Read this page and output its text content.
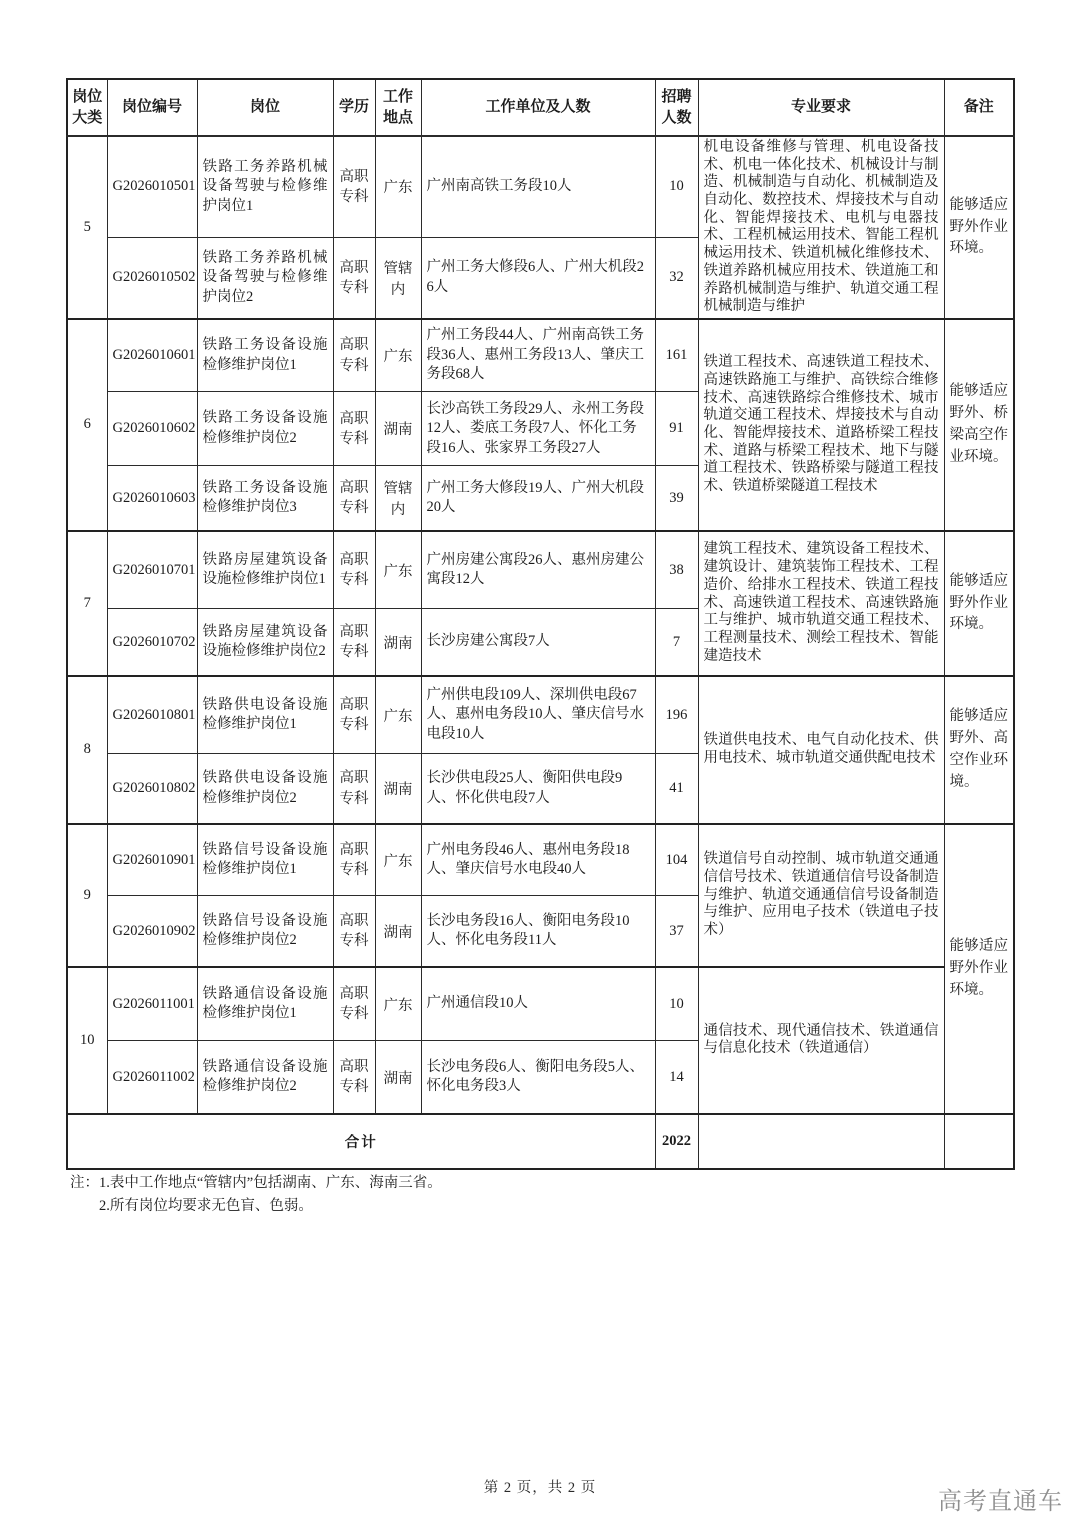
岗位大类	岗位编号	岗位	学历	工作地点	工作单位及人数	招聘人数	专业要求	备注
5	G2026010501	铁路工务养路机械设备驾驶与检修维护岗位1	高职专科	广东	广州南高铁工务段10人	10	机电设备维修与管理、机电设备技术、机电一体化技术、机械设计与制造、机械制造与自动化、机械制造及自动化、数控技术、焊接技术与自动化、智能焊接技术、电机与电器技术、工程机械运用技术、智能工程机械运用技术、铁道机械化维修技术、铁道养路机械应用技术、铁道施工和养路机械制造与维护、轨道交通工程机械制造与维护	能够适应野外作业环境。
	G2026010502	铁路工务养路机械设备驾驶与检修维护岗位2	高职专科	管辖内	广州工务大修段6人、广州大机段26人	32		
6	G2026010601	铁路工务设备设施检修维护岗位1	高职专科	广东	广州工务段44人、广州南高铁工务段36人、惠州工务段13人、肇庆工务段68人	161	铁道工程技术、高速铁道工程技术、高速铁路施工与维护、高铁综合维修技术、高速铁路综合维修技术、城市轨道交通工程技术、焊接技术与自动化、智能焊接技术、道路桥梁工程技术、道路与桥梁工程技术、地下与隧道工程技术、铁路桥梁与隧道工程技术、铁道桥梁隧道工程技术	能够适应野外、桥梁高空作业环境。
	G2026010602	铁路工务设备设施检修维护岗位2	高职专科	湖南	长沙高铁工务段29人、永州工务段12人、娄底工务段7人、怀化工务段16人、张家界工务段27人	91		
	G2026010603	铁路工务设备设施检修维护岗位3	高职专科	管辖内	广州工务大修段19人、广州大机段20人	39		
7	G2026010701	铁路房屋建筑设备设施检修维护岗位1	高职专科	广东	广州房建公寓段26人、惠州房建公寓段12人	38	建筑工程技术、建筑设备工程技术、建筑设计、建筑装饰工程技术、工程造价、给排水工程技术、铁道工程技术、高速铁道工程技术、高速铁路施工与维护、城市轨道交通工程技术、工程测量技术、测绘工程技术、智能建造技术	能够适应野外作业环境。
	G2026010702	铁路房屋建筑设备设施检修维护岗位2	高职专科	湖南	长沙房建公寓段7人	7		
8	G2026010801	铁路供电设备设施检修维护岗位1	高职专科	广东	广州供电段109人、深圳供电段67人、惠州电务段10人、肇庆信号水电段10人	196	铁道供电技术、电气自动化技术、供用电技术、城市轨道交通供配电技术	能够适应野外、高空作业环境。
	G2026010802	铁路供电设备设施检修维护岗位2	高职专科	湖南	长沙供电段25人、衡阳供电段9人、怀化供电段7人	41		
9	G2026010901	铁路信号设备设施检修维护岗位1	高职专科	广东	广州电务段46人、惠州电务段18人、肇庆信号水电段40人	104	铁道信号自动控制、城市轨道交通通信信号技术、铁道通信信号设备制造与维护、轨道交通通信信号设备制造与维护、应用电子技术（铁道电子技术）	能够适应野外作业环境。
	G2026010902	铁路信号设备设施检修维护岗位2	高职专科	湖南	长沙电务段16人、衡阳电务段10人、怀化电务段11人	37		
10	G2026011001	铁路通信设备设施检修维护岗位1	高职专科	广东	广州通信段10人	10	通信技术、现代通信技术、铁道通信与信息化技术（铁道通信）	
	G2026011002	铁路通信设备设施检修维护岗位2	高职专科	湖南	长沙电务段6人、衡阳电务段5人、怀化电务段3人	14		
合计						2022		
注：1.表中工作地点“管辖内”包括湖南、广东、海南三省。
2.所有岗位均要求无色盲、色弱。
第 2 页，共 2 页	高考直通车
